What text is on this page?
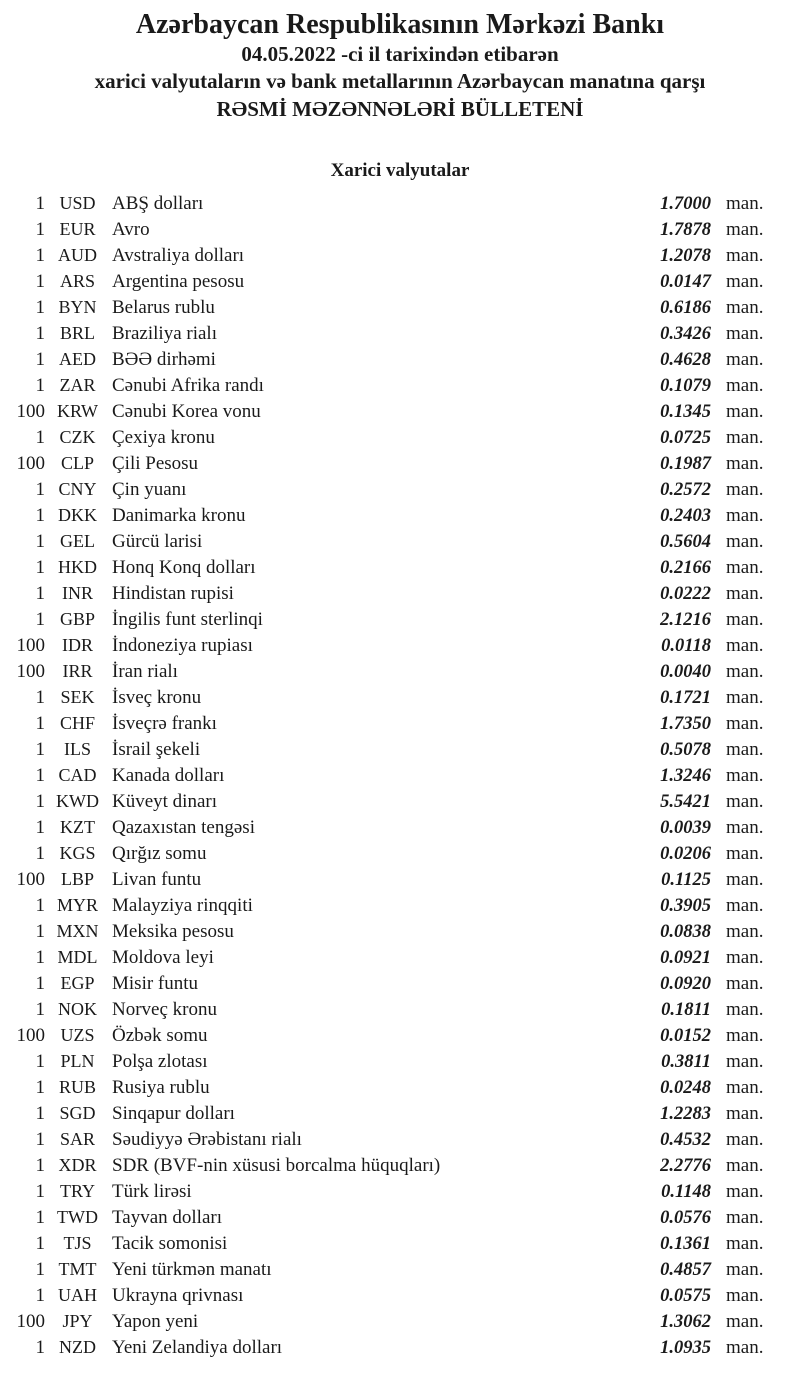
Azərbaycan Respublikasının Mərkəzi Bankı
04.05.2022 -ci il tarixindən etibarən
xarici valyutaların və bank metallarının Azərbaycan manatına qarşı
RƏSMİ MƏZƏNNƏLƏRİ BÜLLETENİ
Xarici valyutalar
1 USD ABŞ dolları	1.7000 man.
1 EUR Avro	1.7878 man.
1 AUD Avstraliya dolları	1.2078 man.
1 ARS Argentina pesosu	0.0147 man.
1 BYN Belarus rublu	0.6186 man.
1 BRL Braziliya rialı	0.3426 man.
1 AED BƏƏ dirhəmi	0.4628 man.
1 ZAR Cənubi Afrika randı	0.1079 man.
100 KRW Cənubi Korea vonu	0.1345 man.
1 CZK Çexiya kronu	0.0725 man.
100 CLP Çili Pesosu	0.1987 man.
1 CNY Çin yuanı	0.2572 man.
1 DKK Danimarka kronu	0.2403 man.
1 GEL Gürcü larisi	0.5604 man.
1 HKD Honq Konq dolları	0.2166 man.
1 INR	Hindistan rupisi	0.0222 man.
1 GBP İngilis funt sterlinqi	2.1216 man.
100 IDR	İndoneziya rupiası	0.0118 man.
100 IRR	İran rialı	0.0040 man.
1 SEK İsveç kronu	0.1721 man.
1 CHF İsveçrə frankı	1.7350 man.
1	ILS	İsrail şekeli	0.5078 man.
1 CAD Kanada dolları	1.3246 man.
1 KWD Küveyt dinarı	5.5421 man.
1 KZT Qazaxıstan tengəsi	0.0039 man.
1 KGS Qırğız somu	0.0206 man.
100 LBP Livan funtu	0.1125 man.
1 MYR Malayziya rinqqiti	0.3905 man.
1 MXN Meksika pesosu	0.0838 man.
1 MDL Moldova leyi	0.0921 man.
1 EGP Misir funtu	0.0920 man.
1 NOK Norveç kronu	0.1811 man.
100 UZS Özbək somu	0.0152 man.
1 PLN Polşa zlotası	0.3811 man.
1 RUB Rusiya rublu	0.0248 man.
1 SGD Sinqapur dolları	1.2283 man.
1 SAR Səudiyyə Ərəbistanı rialı	0.4532 man.
1 XDR SDR (BVF-nin xüsusi borcalma hüquqları)	2.2776 man.
1 TRY Türk lirəsi	0.1148 man.
1 TWD Tayvan dolları	0.0576 man.
1	TJS	Tacik somonisi	0.1361 man.
1 TMT Yeni türkmən manatı	0.4857 man.
1 UAH Ukrayna qrivnası	0.0575 man.
100 JPY	Yapon yeni	1.3062 man.
1 NZD Yeni Zelandiya dolları	1.0935 man.
